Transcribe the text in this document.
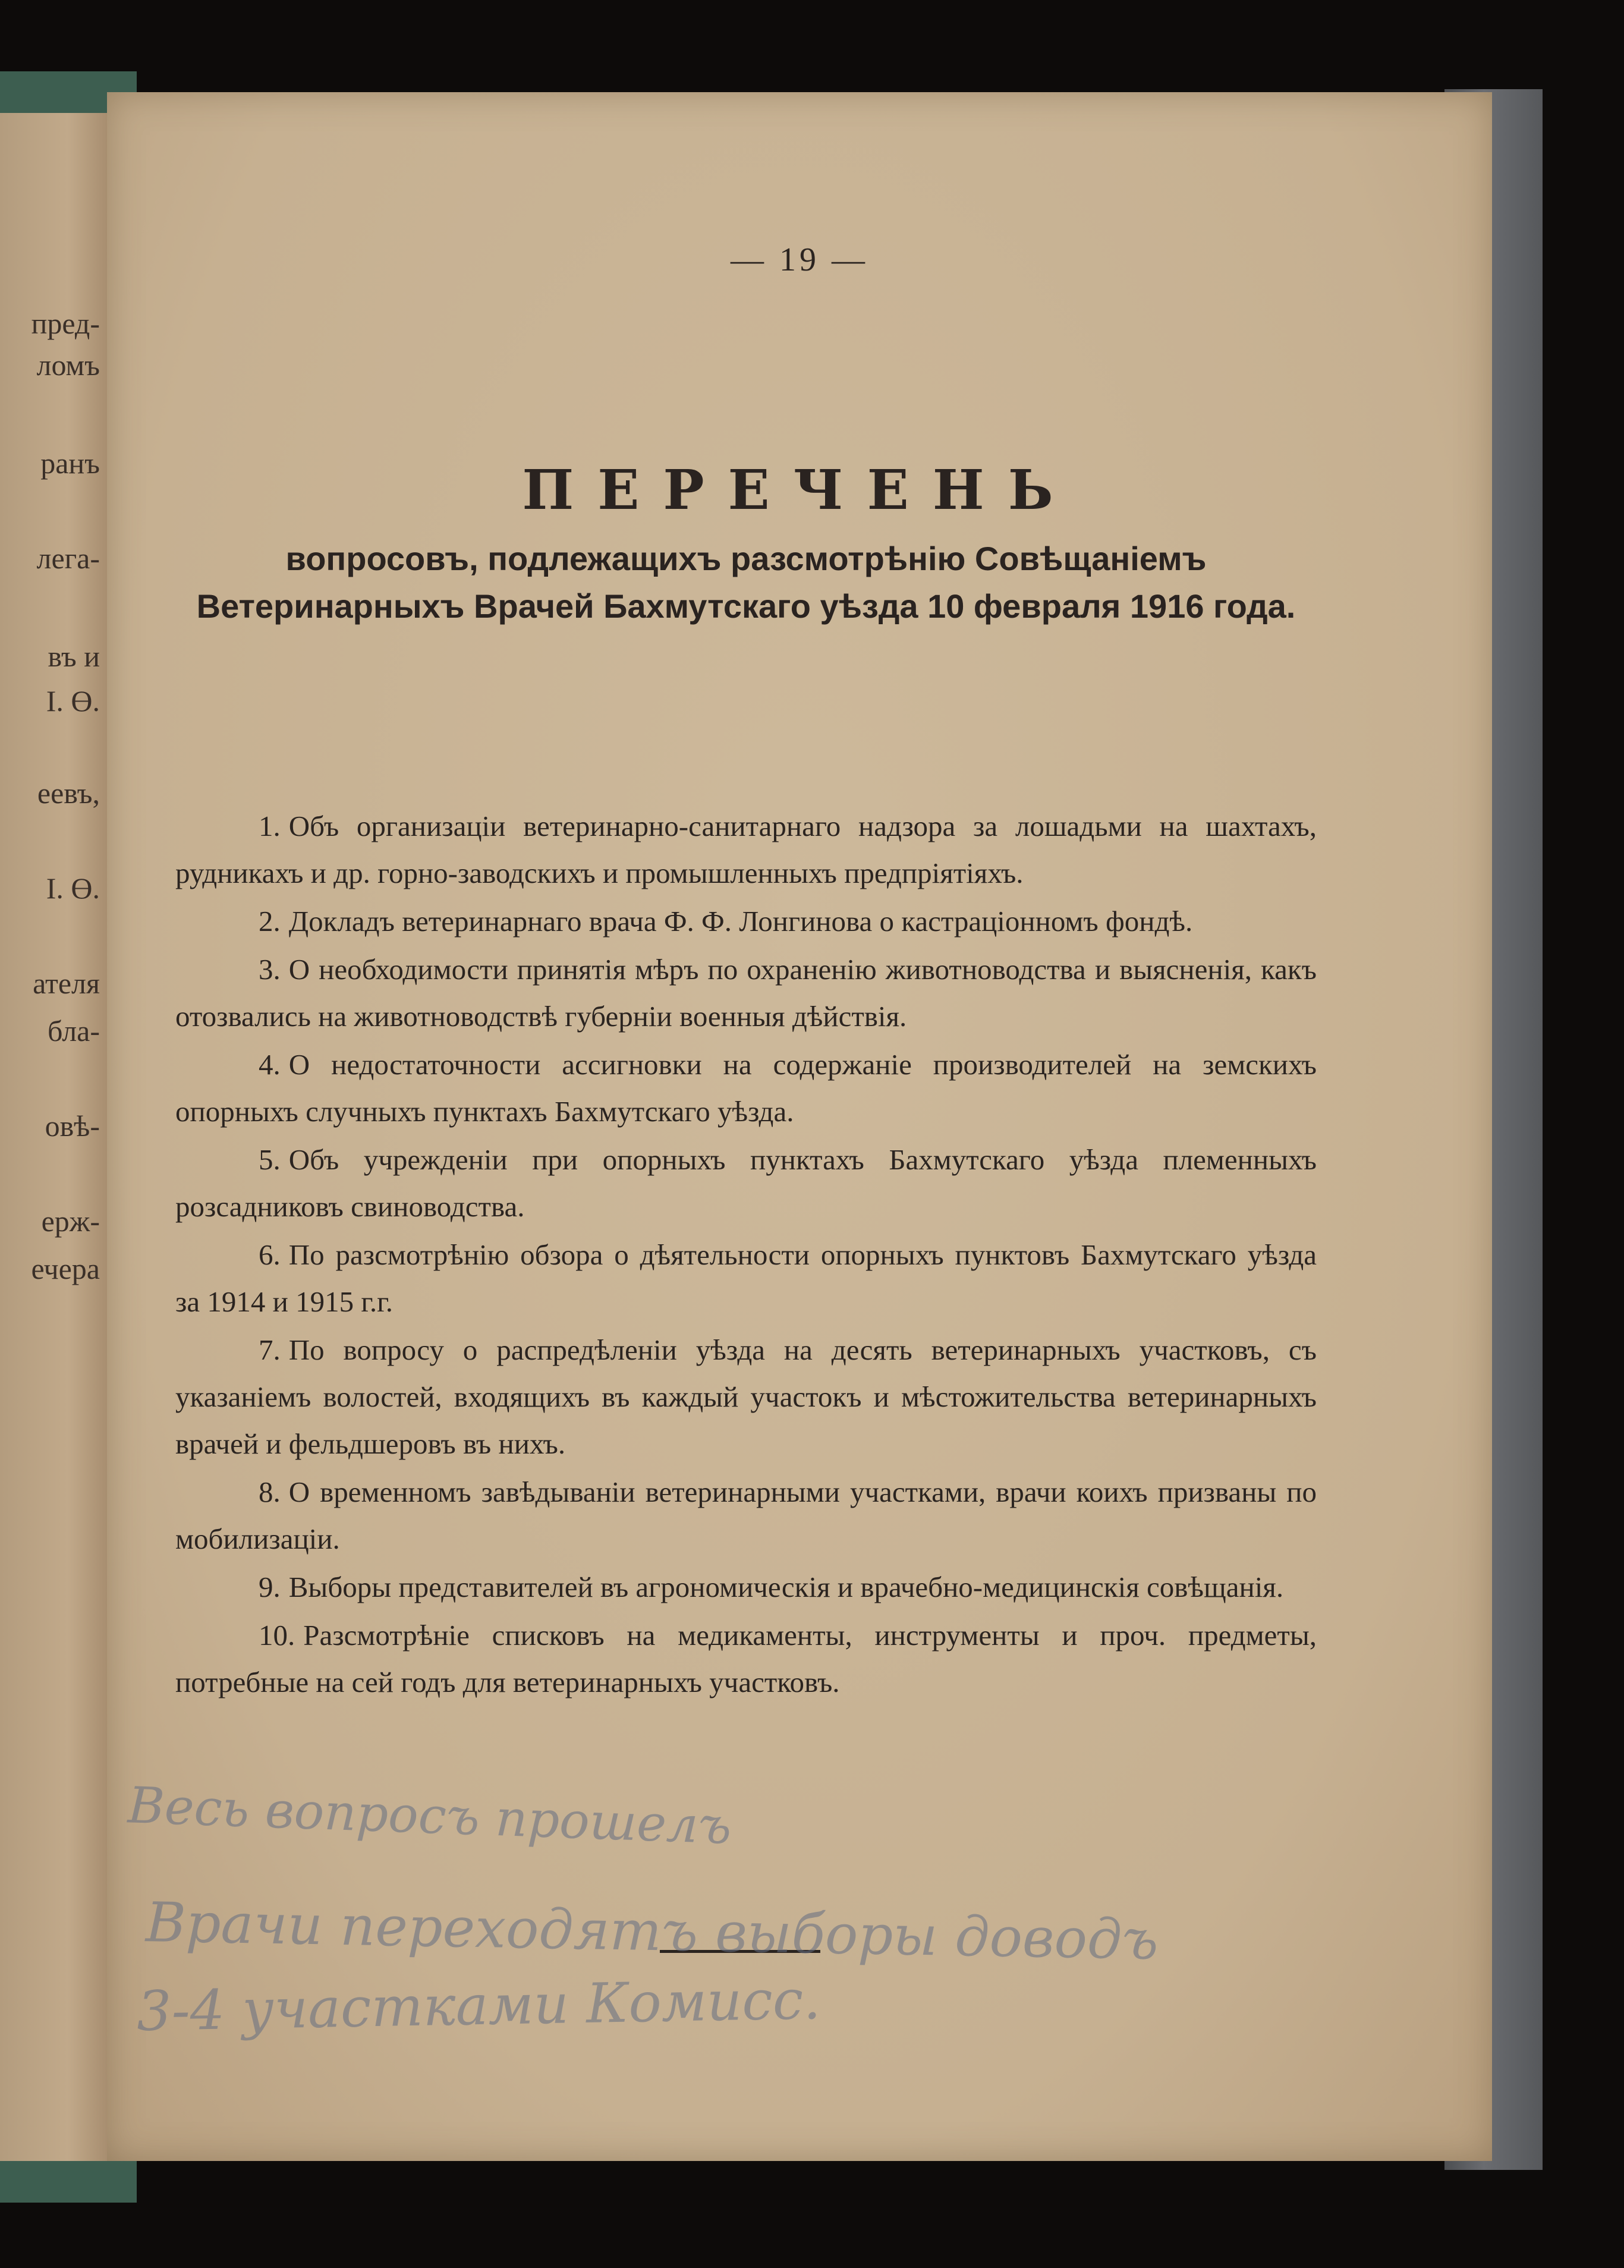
пред-
ломъ
ранъ
лега-
въ и
І. Ө.
еевъ,
І. Ө.
ателя
бла-
овѣ-
ерж-
ечера
— 19 —
ПЕРЕЧЕНЬ
вопросовъ, подлежащихъ разсмотрѣнію Совѣщаніемъ Ветеринарныхъ Врачей Бахмутскаго уѣзда 10 февраля 1916 года.
1. Объ организаціи ветеринарно-санитарнаго надзора за лошадьми на шахтахъ, рудникахъ и др. горно-заводскихъ и промышленныхъ предпріятіяхъ.
2. Докладъ ветеринарнаго врача Ф. Ф. Лонгинова о кастраціонномъ фондѣ.
3. О необходимости принятія мѣръ по охраненію животноводства и выясненія, какъ отозвались на животноводствѣ губерніи военныя дѣйствія.
4. О недостаточности ассигновки на содержаніе производителей на земскихъ опорныхъ случныхъ пунктахъ Бахмутскаго уѣзда.
5. Объ учрежденіи при опорныхъ пунктахъ Бахмутскаго уѣзда племенныхъ розсадниковъ свиноводства.
6. По разсмотрѣнію обзора о дѣятельности опорныхъ пунктовъ Бахмутскаго уѣзда за 1914 и 1915 г.г.
7. По вопросу о распредѣленіи уѣзда на десять ветеринарныхъ участковъ, съ указаніемъ волостей, входящихъ въ каждый участокъ и мѣстожительства ветеринарныхъ врачей и фельдшеровъ въ нихъ.
8. О временномъ завѣдываніи ветеринарными участками, врачи коихъ призваны по мобилизаціи.
9. Выборы представителей въ агрономическія и врачебно-медицинскія совѣщанія.
10. Разсмотрѣніе списковъ на медикаменты, инструменты и проч. предметы, потребные на сей годъ для ветеринарныхъ участковъ.
Весь вопросъ прошелъ
Врачи переходятъ выборы доводъ
3-4 участками Комисс.
